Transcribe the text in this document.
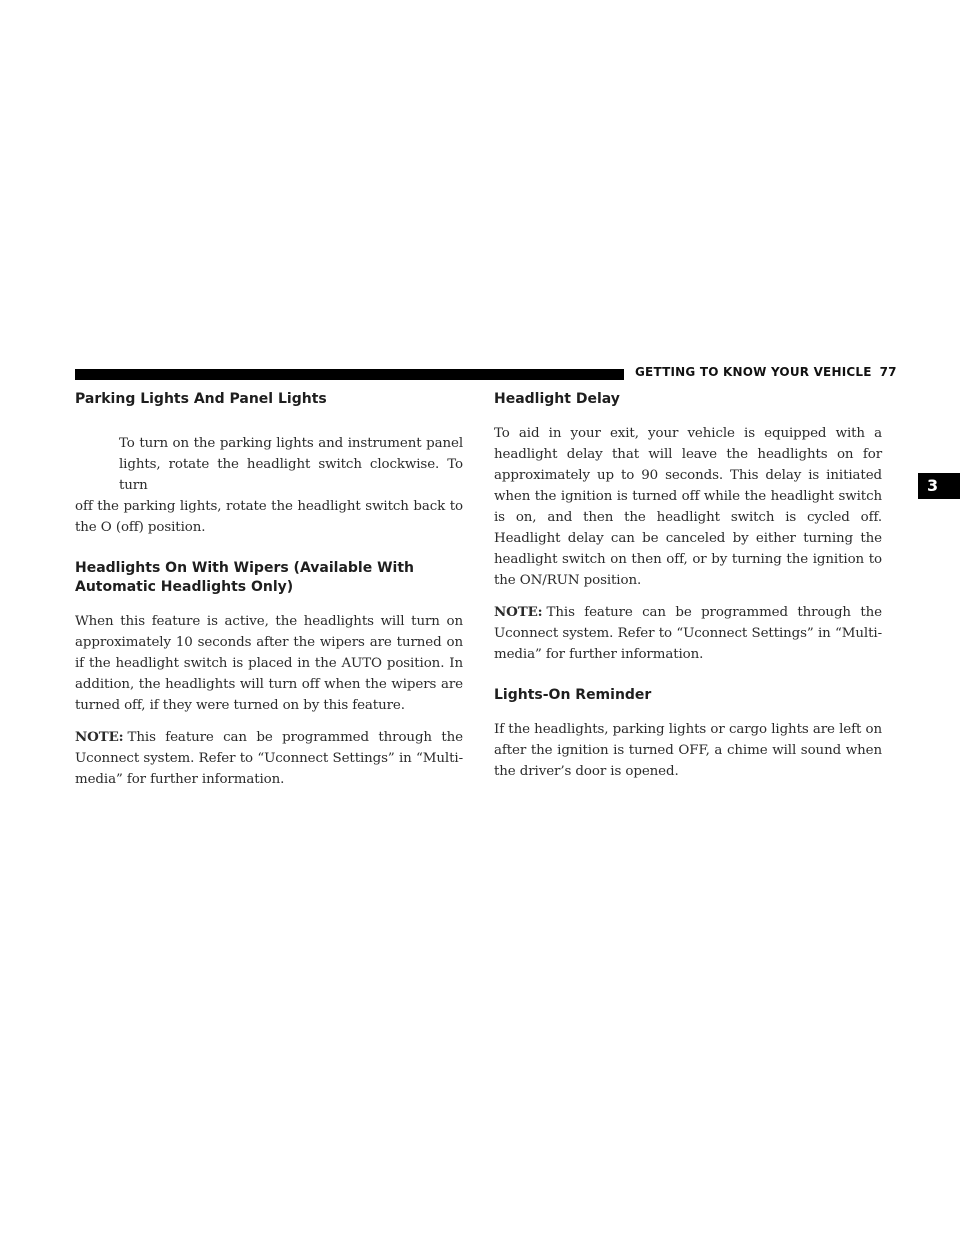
GETTING TO KNOW YOUR VEHICLE 77
3
Parking Lights And Panel Lights

To turn on the parking lights and instrument panel lights, rotate the headlight switch clockwise. To turn
off the parking lights, rotate the headlight switch back to the O (off) position.

Headlights On With Wipers (Available With Automatic Headlights Only)

When this feature is active, the headlights will turn on approximately 10 seconds after the wipers are turned on if the headlight switch is placed in the AUTO position. In addition, the headlights will turn off when the wipers are turned off, if they were turned on by this feature.

NOTE: This feature can be programmed through the Uconnect system. Refer to “Uconnect Settings” in “Multi-media” for further information.

Headlight Delay

To aid in your exit, your vehicle is equipped with a headlight delay that will leave the headlights on for approximately up to 90 seconds. This delay is initiated when the ignition is turned off while the headlight switch is on, and then the headlight switch is cycled off. Headlight delay can be canceled by either turning the headlight switch on then off, or by turning the ignition to the ON/RUN position.

NOTE: This feature can be programmed through the Uconnect system. Refer to “Uconnect Settings” in “Multi-media” for further information.

Lights-On Reminder

If the headlights, parking lights or cargo lights are left on after the ignition is turned OFF, a chime will sound when the driver’s door is opened.
